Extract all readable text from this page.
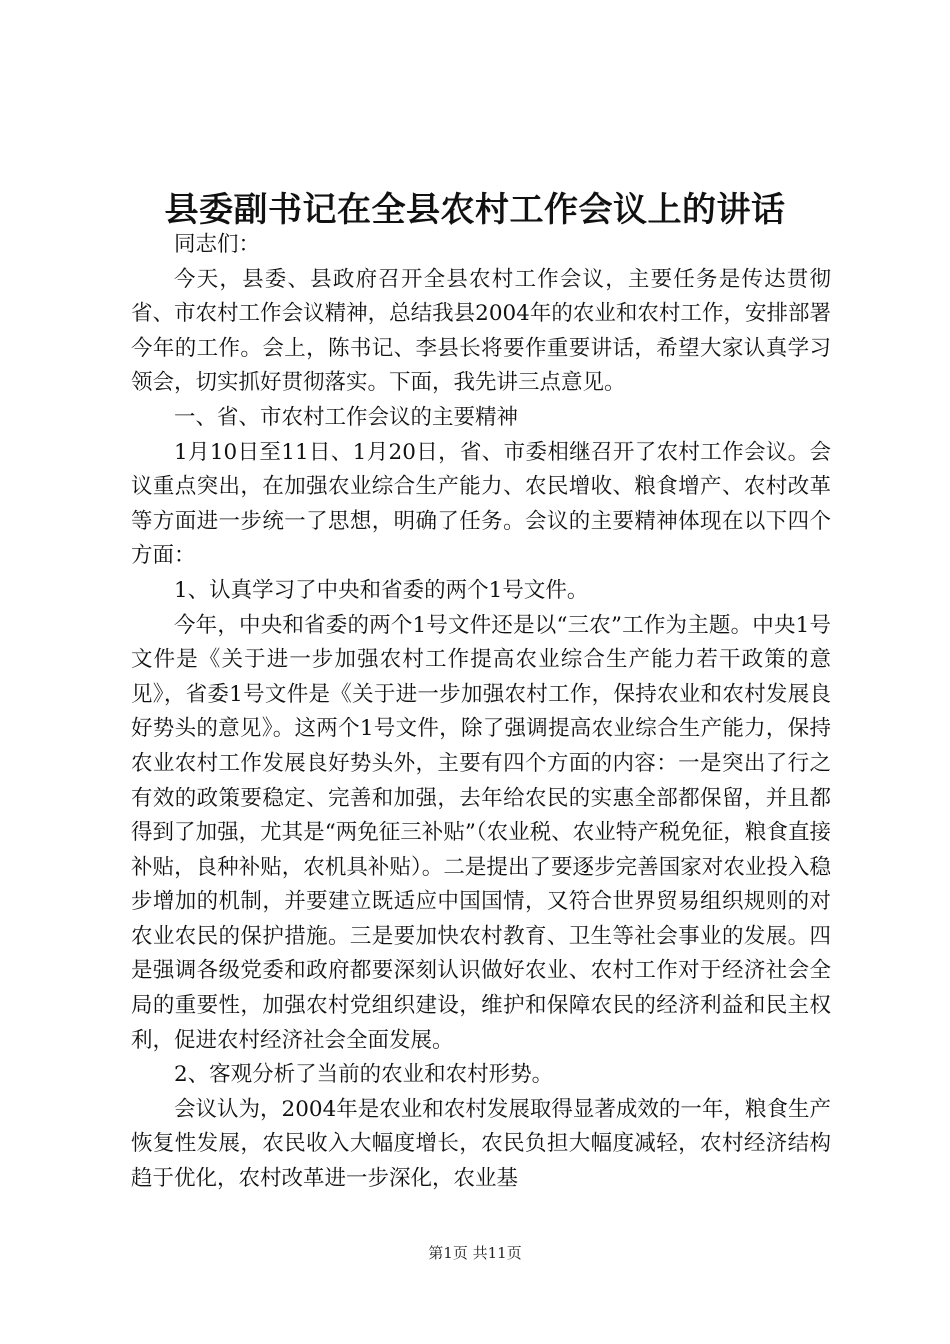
县委副书记在全县农村工作会议上的讲话

同志们：

今天，县委、县政府召开全县农村工作会议，主要任务是传达贯彻省、市农村工作会议精神，总结我县2004年的农业和农村工作，安排部署今年的工作。会上，陈书记、李县长将要作重要讲话，希望大家认真学习领会，切实抓好贯彻落实。下面，我先讲三点意见。

一、省、市农村工作会议的主要精神

1月10日至11日、1月20日，省、市委相继召开了农村工作会议。会议重点突出，在加强农业综合生产能力、农民增收、粮食增产、农村改革等方面进一步统一了思想，明确了任务。会议的主要精神体现在以下四个方面：

1、认真学习了中央和省委的两个1号文件。

今年，中央和省委的两个1号文件还是以“三农”工作为主题。中央1号文件是《关于进一步加强农村工作提高农业综合生产能力若干政策的意见》，省委1号文件是《关于进一步加强农村工作，保持农业和农村发展良好势头的意见》。这两个1号文件，除了强调提高农业综合生产能力，保持农业农村工作发展良好势头外，主要有四个方面的内容：一是突出了行之有效的政策要稳定、完善和加强，去年给农民的实惠全部都保留，并且都得到了加强，尤其是“两免征三补贴”（农业税、农业特产税免征，粮食直接补贴，良种补贴，农机具补贴）。二是提出了要逐步完善国家对农业投入稳步增加的机制，并要建立既适应中国国情，又符合世界贸易组织规则的对农业农民的保护措施。三是要加快农村教育、卫生等社会事业的发展。四是强调各级党委和政府都要深刻认识做好农业、农村工作对于经济社会全局的重要性，加强农村党组织建设，维护和保障农民的经济利益和民主权利，促进农村经济社会全面发展。

2、客观分析了当前的农业和农村形势。

会议认为，2004年是农业和农村发展取得显著成效的一年，粮食生产恢复性发展，农民收入大幅度增长，农民负担大幅度减轻，农村经济结构趋于优化，农村改革进一步深化，农业基

第1页 共11页
